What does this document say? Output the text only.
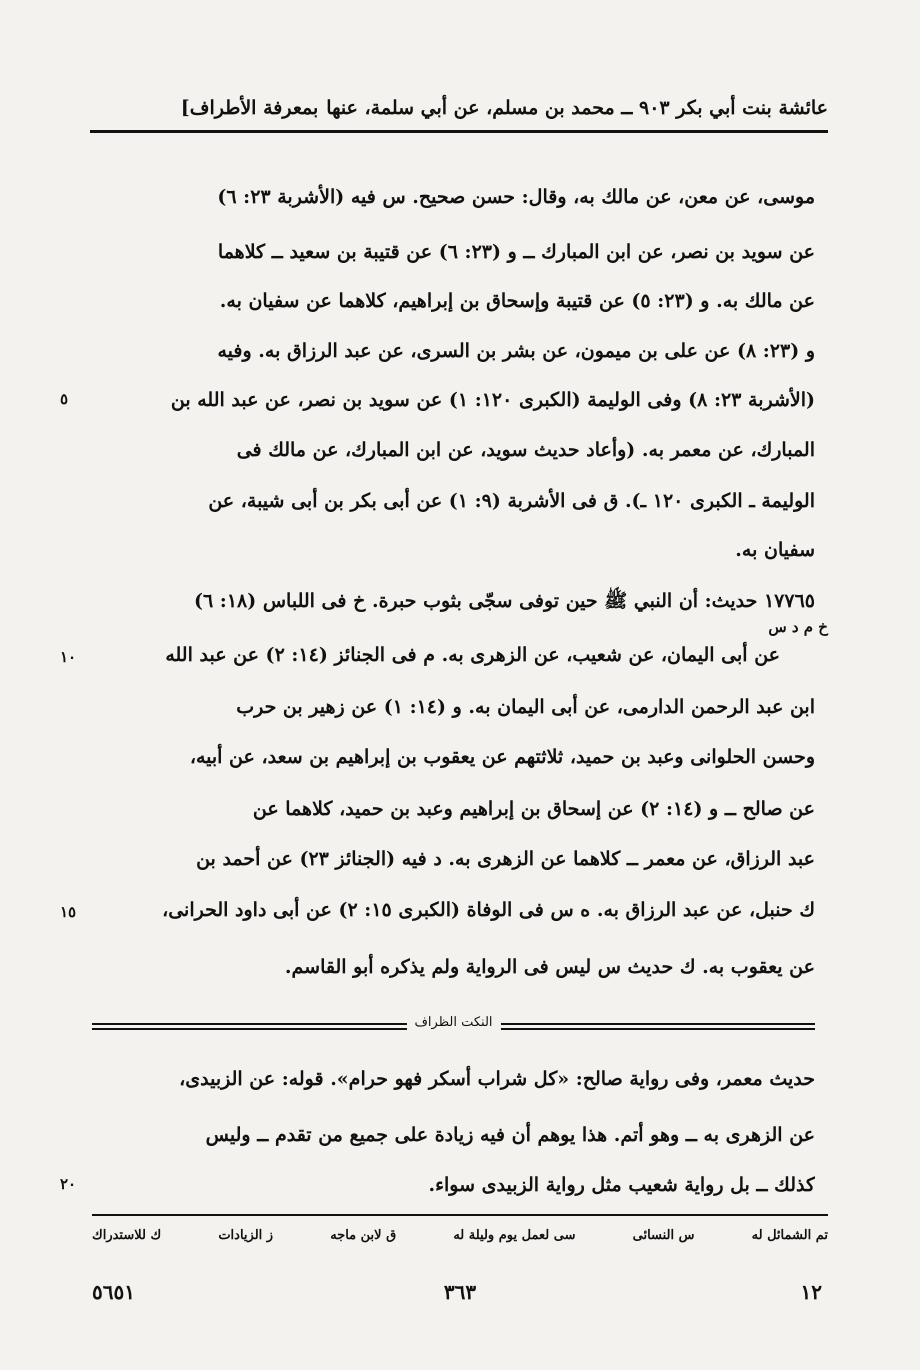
عائشة بنت أبي بكر ٩٠٣ ــ محمد بن مسلم، عن أبي سلمة، عنها
بمعرفة الأطراف]
موسى، عن معن، عن مالك به، وقال: حسن صحيح. س فيه (الأشربة ٢٣: ٦)
عن سويد بن نصر، عن ابن المبارك ــ و (٢٣: ٦) عن قتيبة بن سعيد ــ كلاهما
عن مالك به. و (٢٣: ٥) عن قتيبة وإسحاق بن إبراهيم، كلاهما عن سفيان به.
و (٢٣: ٨) عن على بن ميمون، عن بشر بن السرى، عن عبد الرزاق به. وفيه
(الأشربة ٢٣: ٨) وفى الوليمة (الكبرى ١٢٠: ١) عن سويد بن نصر، عن عبد الله بن
المبارك، عن معمر به. (وأعاد حديث سويد، عن ابن المبارك، عن مالك فى
الوليمة ـ الكبرى ١٢٠ ـ). ق فى الأشربة (٩: ١) عن أبى بكر بن أبى شيبة، عن
سفيان به.
١٧٧٦٥ حديث: أن النبي ﷺ حين توفى سجّى بثوب حبرة. خ فى اللباس (١٨: ٦)
خ م د س
عن أبى اليمان، عن شعيب، عن الزهرى به. م فى الجنائز (١٤: ٢) عن عبد الله
ابن عبد الرحمن الدارمى، عن أبى اليمان به. و (١٤: ١) عن زهير بن حرب
وحسن الحلوانى وعبد بن حميد، ثلاثتهم عن يعقوب بن إبراهيم بن سعد، عن أبيه،
عن صالح ــ و (١٤: ٢) عن إسحاق بن إبراهيم وعبد بن حميد، كلاهما عن
عبد الرزاق، عن معمر ــ كلاهما عن الزهرى به. د فيه (الجنائز ٢٣) عن أحمد بن
ك حنبل، عن عبد الرزاق به. ه س فى الوفاة (الكبرى ١٥: ٢) عن أبى داود الحرانى،
عن يعقوب به. ك حديث س ليس فى الرواية ولم يذكره أبو القاسم.
٥
١٠
١٥
٢٠
النكت الظراف
حديث معمر، وفى رواية صالح: «كل شراب أسكر فهو حرام». قوله: عن الزبيدى،
عن الزهرى به ــ وهو أتم. هذا يوهم أن فيه زيادة على جميع من تقدم ــ وليس
كذلك ــ بل رواية شعيب مثل رواية الزبيدى سواء.
تم الشمائل له
س النسائى
سى لعمل يوم وليلة له
ق لابن ماجه
ز الزيادات
ك للاستدراك
١٢
٣٦٣
٥٦٥١
